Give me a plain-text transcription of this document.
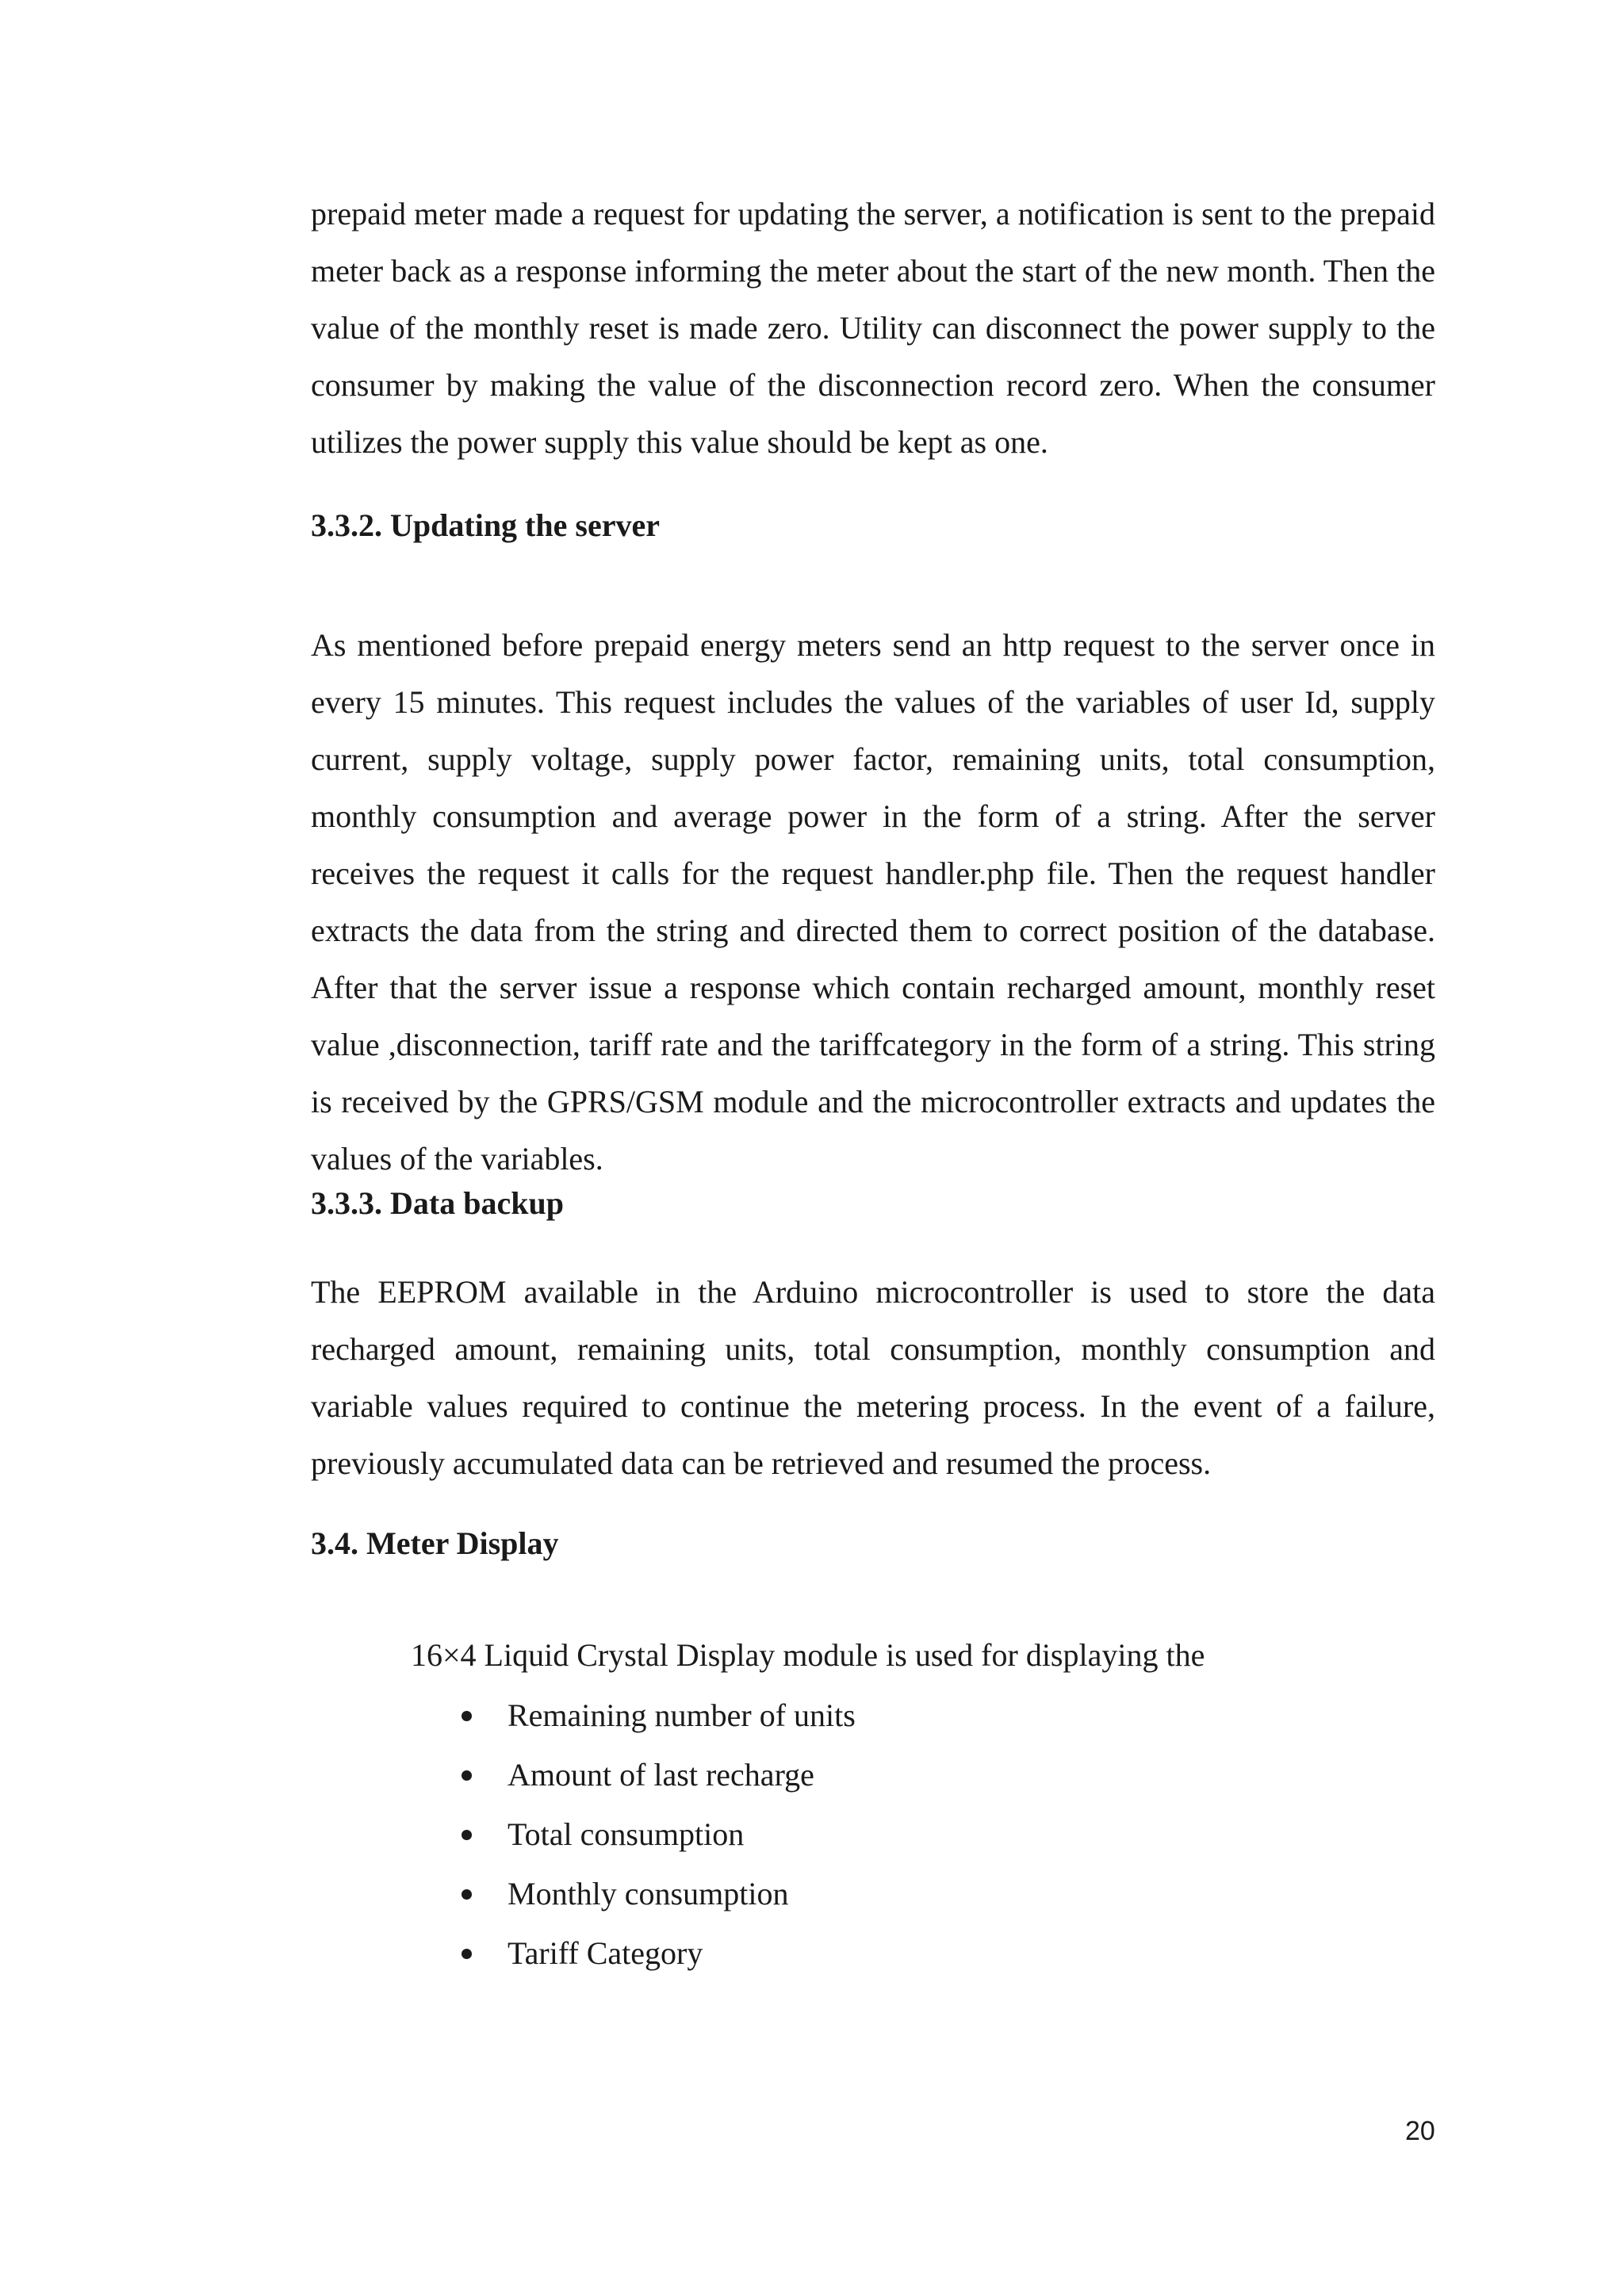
prepaid meter made a request for updating the server, a notification is sent to the prepaid meter back as a response informing the meter about the start of the new month. Then the value of the monthly reset is made zero. Utility can disconnect the power supply to the consumer by making the value of the disconnection record zero. When the consumer utilizes the power supply this value should be kept as one.

3.3.2. Updating the server

As mentioned before prepaid energy meters send an http request to the server once in every 15 minutes. This request includes the values of the variables of user Id, supply current, supply voltage, supply power factor, remaining units, total consumption, monthly consumption and average power in the form of a string. After the server receives the request it calls for the request handler.php file. Then the request handler extracts the data from the string and directed them to correct position of the database. After that the server issue a response which contain recharged amount, monthly reset value ,disconnection, tariff rate and the tariffcategory in the form of a string. This string is received by the GPRS/GSM module and the microcontroller extracts and updates the values of the variables.

3.3.3. Data backup

The EEPROM available in the Arduino microcontroller is used to store the data recharged amount, remaining units, total consumption, monthly consumption and variable values required to continue the metering process. In the event of a failure, previously accumulated data can be retrieved and resumed the process.

3.4. Meter Display

16×4 Liquid Crystal Display module is used for displaying the

Remaining number of units
Amount of last recharge
Total consumption
Monthly consumption
Tariff Category

20
